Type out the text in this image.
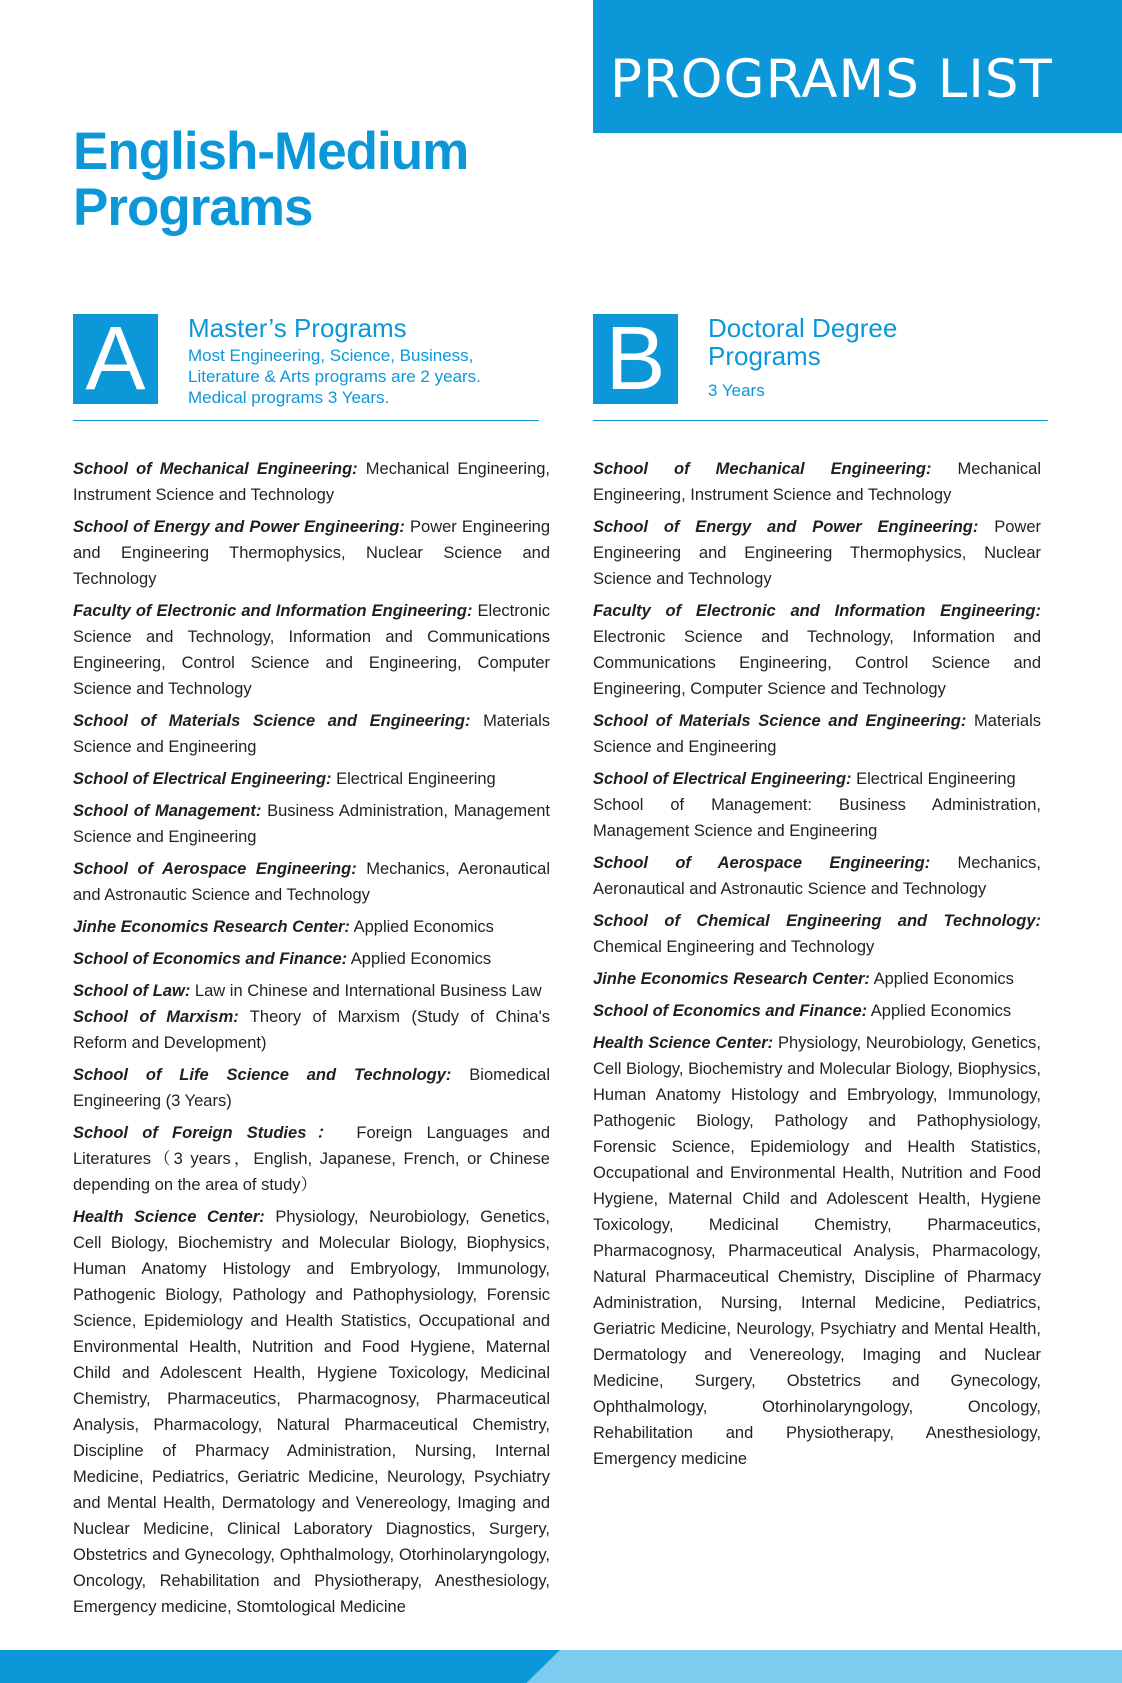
PROGRAMS LIST
English-Medium
Programs
A	Master’s Programs
Most Engineering, Science, Business,
Literature & Arts programs are 2 years.
Medical programs 3 Years.	B	Doctoral Degree
Programs
3 Years

School of Mechanical Engineering: Mechanical Engineering, Instrument Science and Technology

School of Energy and Power Engineering: Power Engineering and Engineering Thermophysics, Nuclear Science and Technology

Faculty of Electronic and Information Engineering: Electronic Science and Technology, Information and Communications Engineering, Control Science and Engineering, Computer Science and Technology

School of Materials Science and Engineering: Materials Science and Engineering

School of Electrical Engineering: Electrical Engineering

School of Management: Business Administration, Management Science and Engineering

School of Aerospace Engineering: Mechanics, Aeronautical and Astronautic Science and Technology

Jinhe Economics Research Center: Applied Economics

School of Economics and Finance: Applied Economics

School of Law: Law in Chinese and International Business Law

School of Marxism: Theory of Marxism (Study of China's Reform and Development)

School of Life Science and Technology: Biomedical Engineering (3 Years)

School of Foreign Studies： Foreign Languages and Literatures（3 years，English, Japanese, French, or Chinese depending on the area of study）

Health Science Center: Physiology, Neurobiology, Genetics, Cell Biology, Biochemistry and Molecular Biology, Biophysics, Human Anatomy Histology and Embryology, Immunology, Pathogenic Biology, Pathology and Pathophysiology, Forensic Science, Epidemiology and Health Statistics, Occupational and Environmental Health, Nutrition and Food Hygiene, Maternal Child and Adolescent Health, Hygiene Toxicology, Medicinal Chemistry, Pharmaceutics, Pharmacognosy, Pharmaceutical Analysis, Pharmacology, Natural Pharmaceutical Chemistry, Discipline of Pharmacy Administration, Nursing, Internal Medicine, Pediatrics, Geriatric Medicine, Neurology, Psychiatry and Mental Health, Dermatology and Venereology, Imaging and Nuclear Medicine, Clinical Laboratory Diagnostics, Surgery, Obstetrics and Gynecology, Ophthalmology, Otorhinolaryngology, Oncology, Rehabilitation and Physiotherapy, Anesthesiology, Emergency medicine, Stomtological Medicine

School of Mechanical Engineering: Mechanical Engineering, Instrument Science and Technology

School of Energy and Power Engineering: Power Engineering and Engineering Thermophysics, Nuclear Science and Technology

Faculty of Electronic and Information Engineering: Electronic Science and Technology, Information and Communications Engineering, Control Science and Engineering, Computer Science and Technology

School of Materials Science and Engineering: Materials Science and Engineering

School of Electrical Engineering: Electrical Engineering

School of Management: Business Administration, Management Science and Engineering

School of Aerospace Engineering: Mechanics, Aeronautical and Astronautic Science and Technology

School of Chemical Engineering and Technology: Chemical Engineering and Technology

Jinhe Economics Research Center: Applied Economics

School of Economics and Finance: Applied Economics

Health Science Center: Physiology, Neurobiology, Genetics, Cell Biology, Biochemistry and Molecular Biology, Biophysics, Human Anatomy Histology and Embryology, Immunology, Pathogenic Biology, Pathology and Pathophysiology, Forensic Science, Epidemiology and Health Statistics, Occupational and Environmental Health, Nutrition and Food Hygiene, Maternal Child and Adolescent Health, Hygiene Toxicology, Medicinal Chemistry, Pharmaceutics, Pharmacognosy, Pharmaceutical Analysis, Pharmacology, Natural Pharmaceutical Chemistry, Discipline of Pharmacy Administration, Nursing, Internal Medicine, Pediatrics, Geriatric Medicine, Neurology, Psychiatry and Mental Health, Dermatology and Venereology, Imaging and Nuclear Medicine, Surgery, Obstetrics and Gynecology, Ophthalmology, Otorhinolaryngology, Oncology, Rehabilitation and Physiotherapy, Anesthesiology, Emergency medicine
